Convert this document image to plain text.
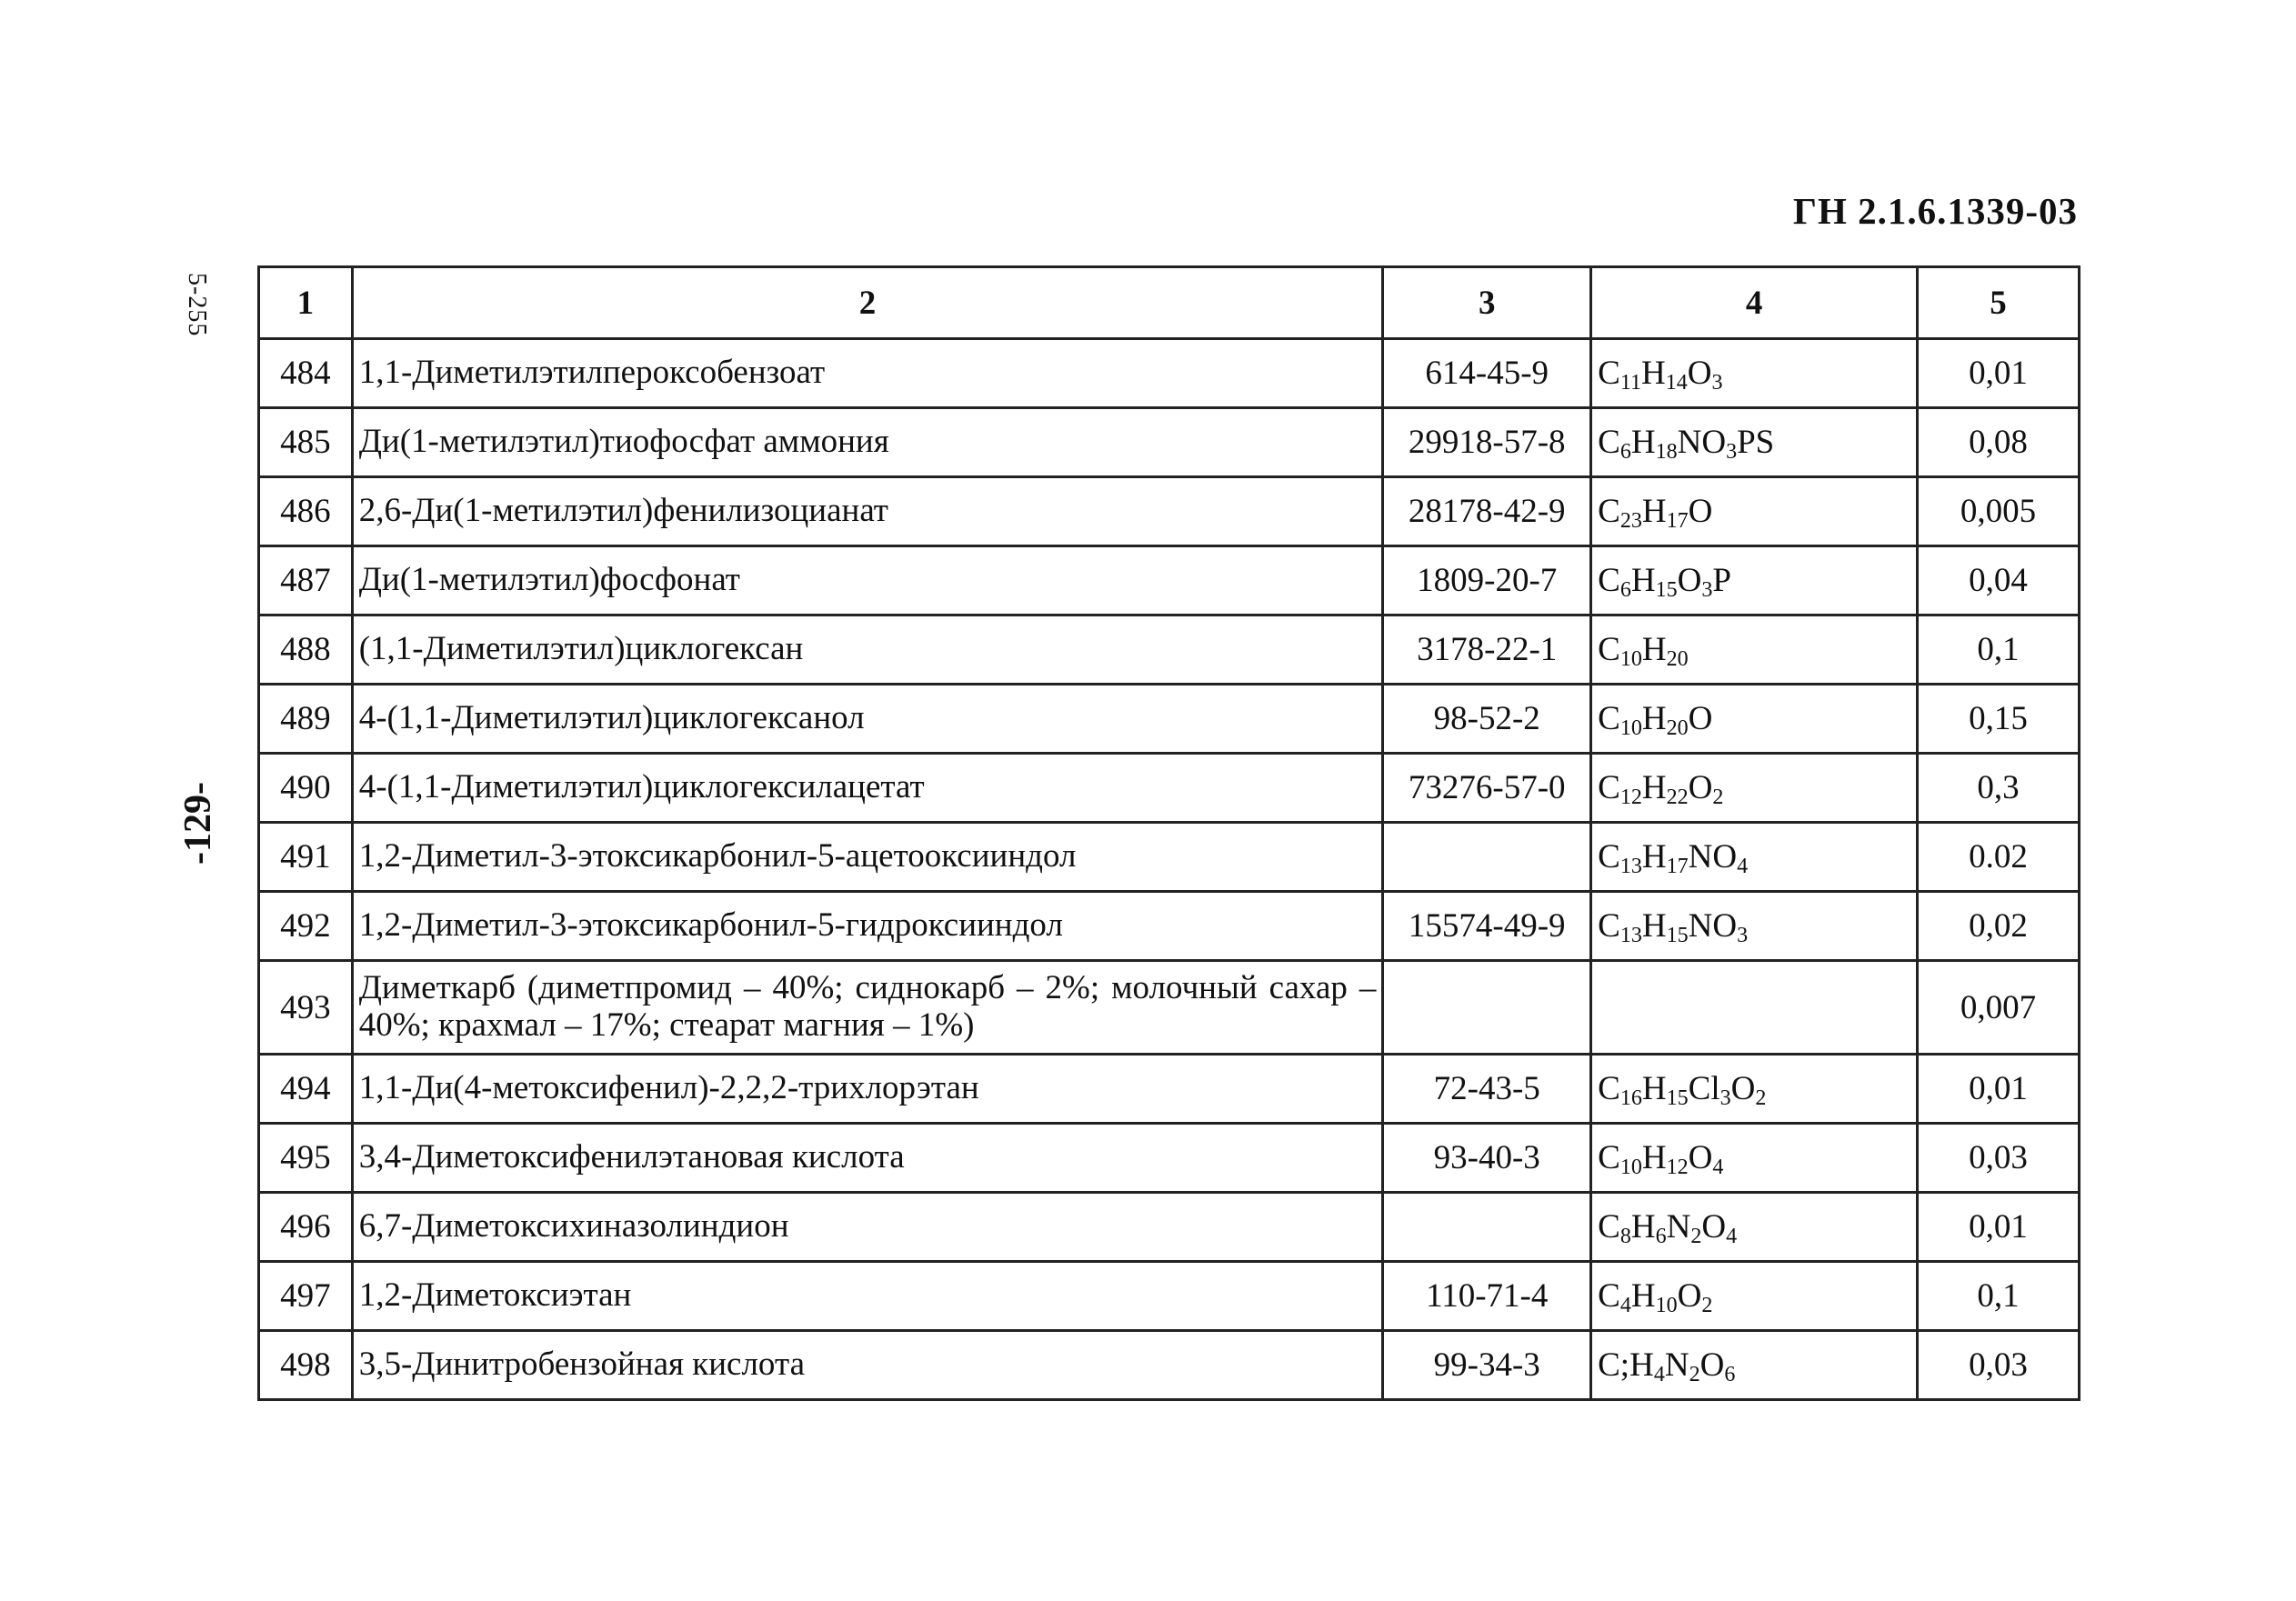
ГН 2.1.6.1339-03
5-255
-129-
1	2	3	4	5
484	1,1-Диметилэтилпероксобензоат	614-45-9	$C_{11}H_{14}O_3$	0,01
485	Ди(1-метилэтил)тиофосфат аммония	29918-57-8	$C_6H_{18}NO_3PS$	0,08
486	2,6-Ди(1-метилэтил)фенилизоцианат	28178-42-9	$C_{23}H_{17}O$	0,005
487	Ди(1-метилэтил)фосфонат	1809-20-7	$C_6H_{15}O_3P$	0,04
488	(1,1-Диметилэтил)циклогексан	3178-22-1	$C_{10}H_{20}$	0,1
489	4-(1,1-Диметилэтил)циклогексанол	98-52-2	$C_{10}H_{20}O$	0,15
490	4-(1,1-Диметилэтил)циклогексилацетат	73276-57-0	$C_{12}H_{22}O_2$	0,3
491	1,2-Диметил-3-этоксикарбонил-5-ацетооксииндол		$C_{13}H_{17}NO_4$	0.02
492	1,2-Диметил-3-этоксикарбонил-5-гидроксииндол	15574-49-9	$C_{13}H_{15}NO_3$	0,02
493	Диметкарб (диметпромид – 40%; сиднокарб – 2%; молочный сахар – 40%; крахмал – 17%; стеарат магния – 1%)			0,007
494	1,1-Ди(4-метоксифенил)-2,2,2-трихлорэтан	72-43-5	$C_{16}H_{15}Cl_3O_2$	0,01
495	3,4-Диметоксифенилэтановая кислота	93-40-3	$C_{10}H_{12}O_4$	0,03
496	6,7-Диметоксихиназолиндион		$C_8H_6N_2O_4$	0,01
497	1,2-Диметоксиэтан	110-71-4	$C_4H_{10}O_2$	0,1
498	3,5-Динитробензойная кислота	99-34-3	$C;H_4N_2O_6$	0,03
